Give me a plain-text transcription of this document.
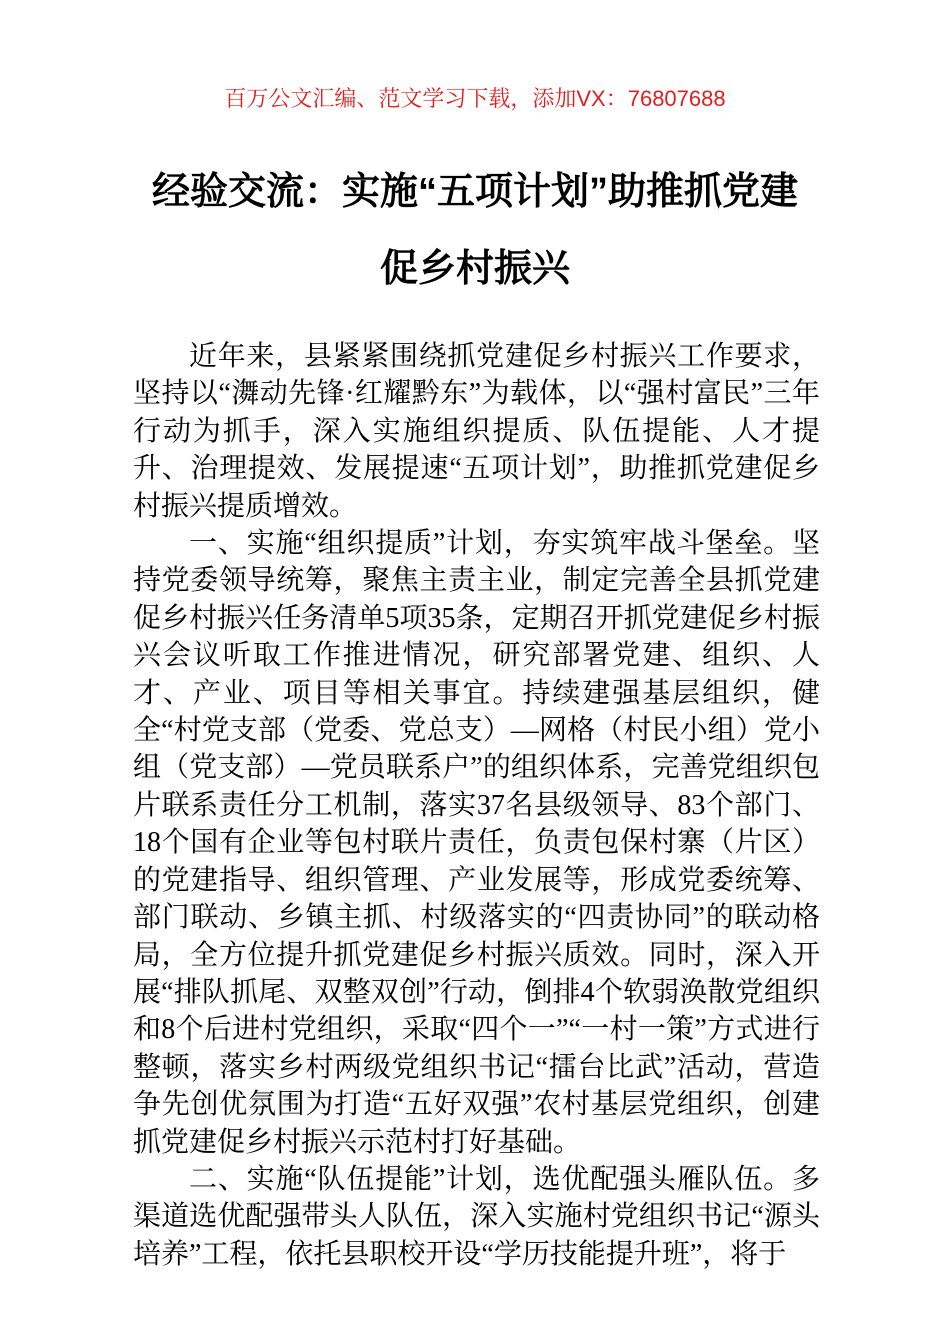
百万公文汇编、范文学习下载，添加VX：76807688
经验交流：实施“五项计划”助推抓党建
促乡村振兴

近年来，县紧紧围绕抓党建促乡村振兴工作要求，坚持以“㵲动先锋·红耀黔东”为载体，以“强村富民”三年行动为抓手，深入实施组织提质、队伍提能、人才提升、治理提效、发展提速“五项计划”，助推抓党建促乡村振兴提质增效。

一、实施“组织提质”计划，夯实筑牢战斗堡垒。坚持党委领导统筹，聚焦主责主业，制定完善全县抓党建促乡村振兴任务清单5项35条，定期召开抓党建促乡村振兴会议听取工作推进情况，研究部署党建、组织、人才、产业、项目等相关事宜。持续建强基层组织，健全“村党支部（党委、党总支）—网格（村民小组）党小组（党支部）—党员联系户”的组织体系，完善党组织包片联系责任分工机制，落实37名县级领导、83个部门、18个国有企业等包村联片责任，负责包保村寨（片区）的党建指导、组织管理、产业发展等，形成党委统筹、部门联动、乡镇主抓、村级落实的“四责协同”的联动格局，全方位提升抓党建促乡村振兴质效。同时，深入开展“排队抓尾、双整双创”行动，倒排4个软弱涣散党组织和8个后进村党组织，采取“四个一”“一村一策”方式进行整顿，落实乡村两级党组织书记“擂台比武”活动，营造争先创优氛围为打造“五好双强”农村基层党组织，创建抓党建促乡村振兴示范村打好基础。

二、实施“队伍提能”计划，选优配强头雁队伍。多渠道选优配强带头人队伍，深入实施村党组织书记“源头培养”工程，依托县职校开设“学历技能提升班”，将于
